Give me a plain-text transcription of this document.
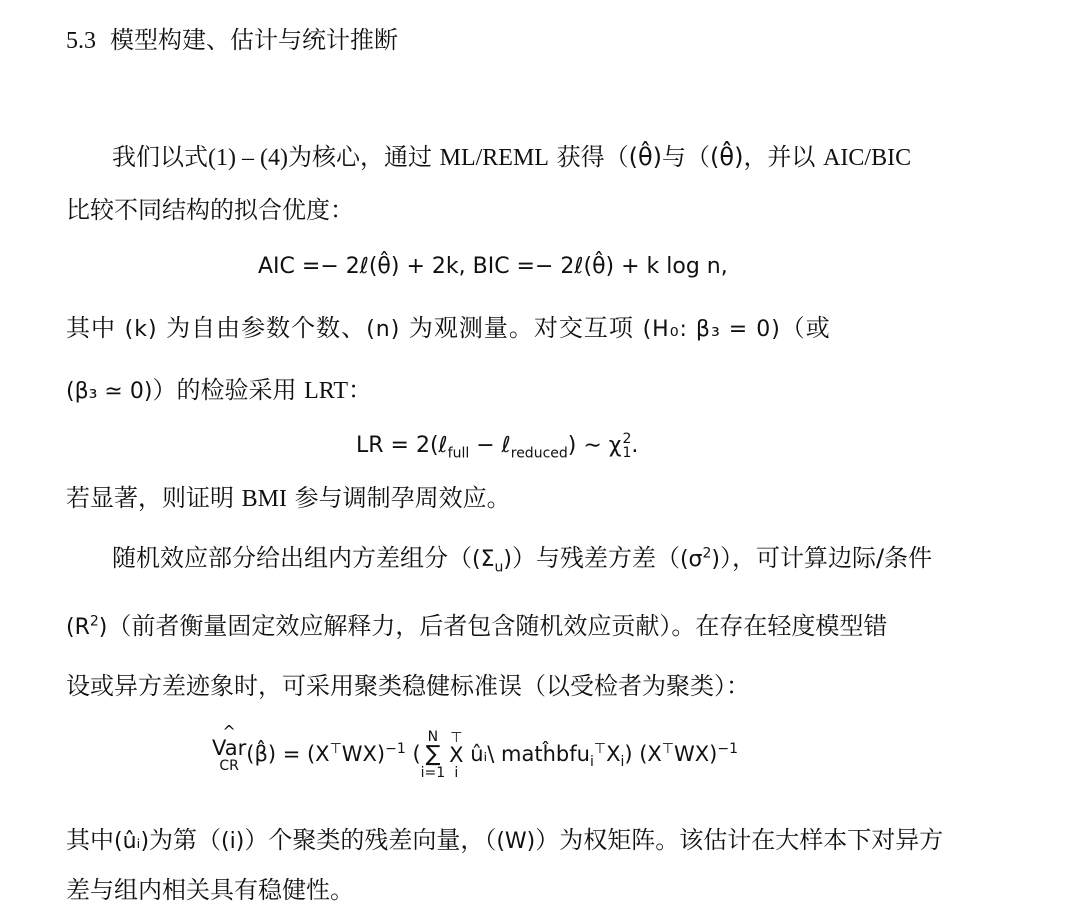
5.3 模型构建、估计与统计推断
我们以式(1) – (4)为核心，通过 ML/REML 获得（(θ̂)与（(θ̂̂)，并以 AIC/BIC
比较不同结构的拟合优度：
AIC =− 2ℓ(θ̂) + 2k, BIC =− 2ℓ(θ̂) + k log n,
其中 (k) 为自由参数个数、(n) 为观测量。对交互项 (H₀: β₃ = 0)（或
(β₃ ≃ 0)）的检验采用 LRT：
LR = 2(ℓ$_{full}$ − ℓ$_{reduced}$) ∼ χ 2
1 .
若显著，则证明 BMI 参与调制孕周效应。
随机效应部分给出组内方差组分$((\Sigma_u))$与残差方差$((\sigma^2))$，可计算边际/条件
$(R^2)$（前者衡量固定效应解释力，后者包含随机效应贡献）。在存在轻度模型错
设或异方差迹象时，可采用聚类稳健标准误（以受检者为聚类）：
^
Var
CR (β̂) = $(X^⊤WX)^{-1}$ (
N
∑
i=1
⊤
X
i
ûᵢ\ $matĥbfu_i^⊤X_i$) $(X^⊤WX)^{-1}$
其中(ûᵢ)为第（(i)）个聚类的残差向量，（(W)）为权矩阵。该估计在大样本下对异方
差与组内相关具有稳健性。
